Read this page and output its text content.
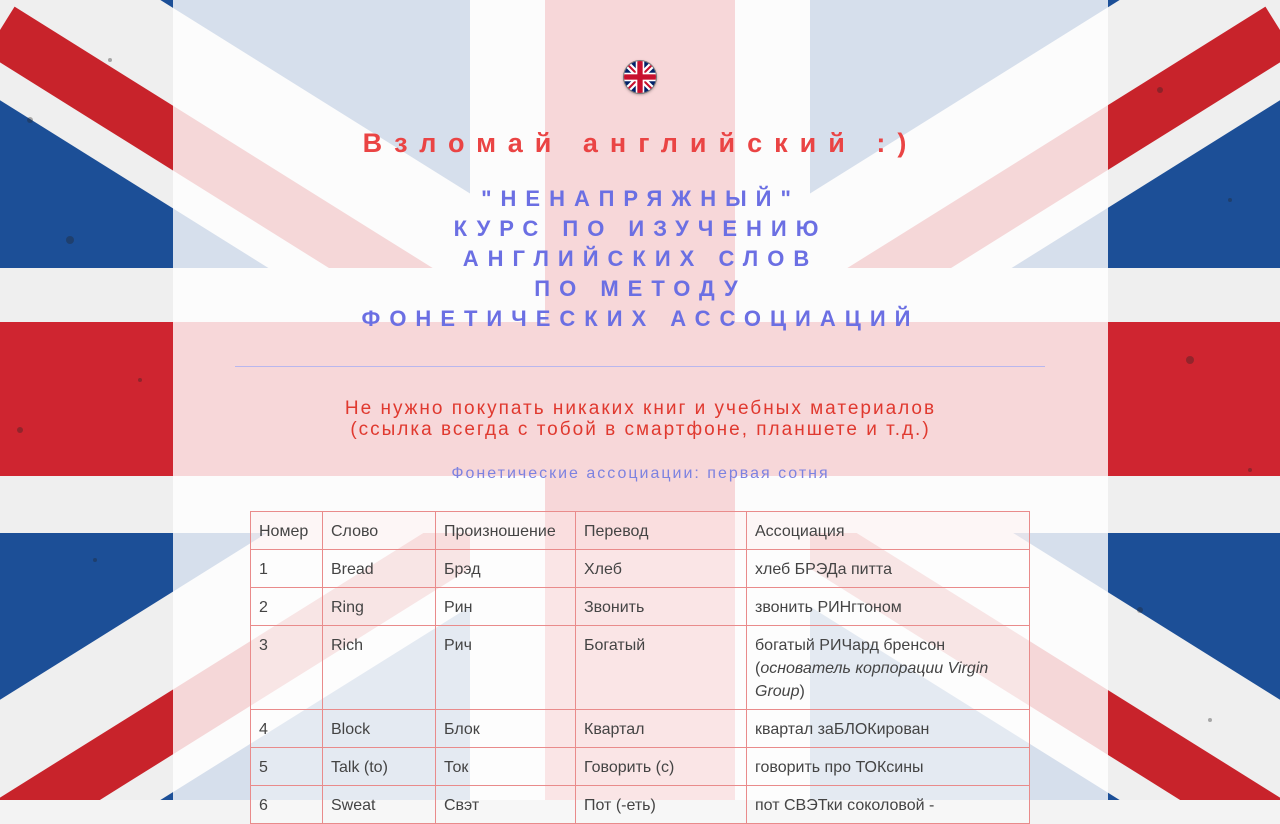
Взломай английский :)
"НЕНАПРЯЖНЫЙ"
КУРС ПО ИЗУЧЕНИЮ
АНГЛИЙСКИХ СЛОВ
ПО МЕТОДУ
ФОНЕТИЧЕСКИХ АССОЦИАЦИЙ
Не нужно покупать никаких книг и учебных материалов
(ссылка всегда с тобой в смартфоне, планшете и т.д.)
Фонетические ассоциации: первая сотня
Номер	Слово	Произношение	Перевод	Ассоциация
1	Bread	Брэд	Хлеб	хлеб БРЭДа питта
2	Ring	Рин	Звонить	звонить РИНгтоном
3	Rich	Рич	Богатый	богатый РИЧард бренсон (основатель корпорации Virgin Group)
4	Block	Блок	Квартал	квартал заБЛОКирован
5	Talk (to)	Ток	Говорить (с)	говорить про ТОКсины
6	Sweat	Свэт	Пот (-еть)	пот СВЭТки соколовой -
